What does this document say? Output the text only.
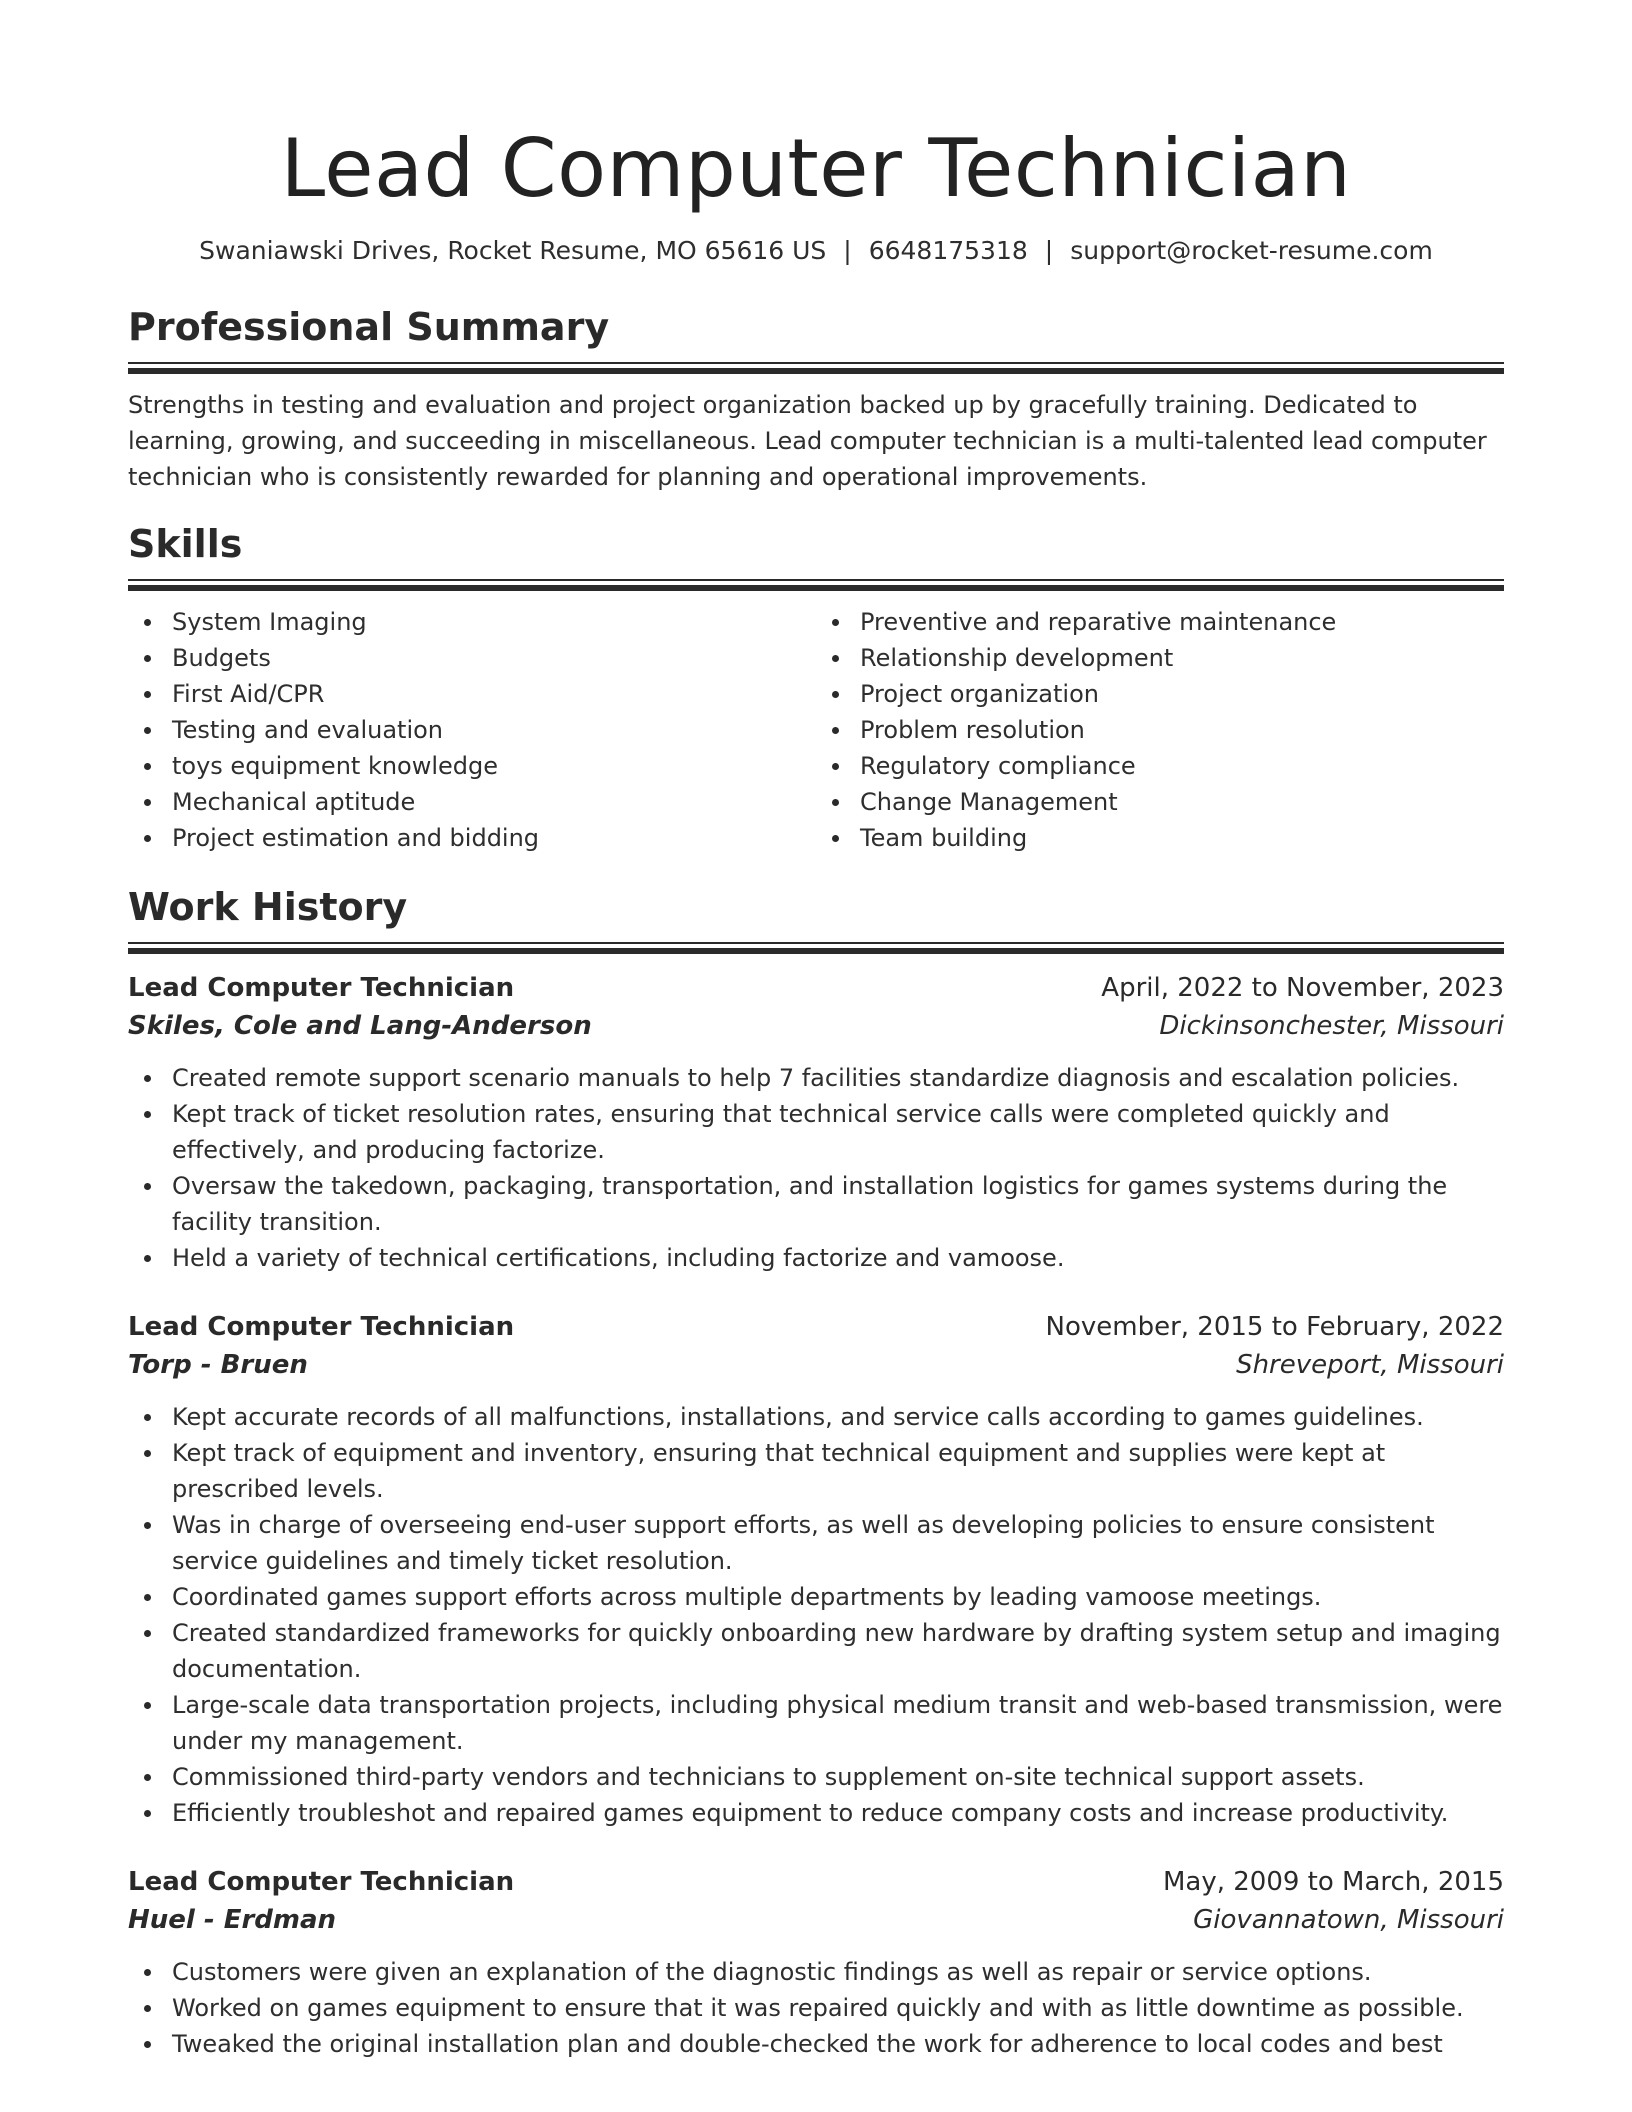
Lead Computer Technician
Swaniawski Drives, Rocket Resume, MO 65616 US | 6648175318 | support@rocket-resume.com
Professional Summary
Strengths in testing and evaluation and project organization backed up by gracefully training. Dedicated to learning, growing, and succeeding in miscellaneous. Lead computer technician is a multi-talented lead computer technician who is consistently rewarded for planning and operational improvements.
Skills
System Imaging
Budgets
First Aid/CPR
Testing and evaluation
toys equipment knowledge
Mechanical aptitude
Project estimation and bidding
Preventive and reparative maintenance
Relationship development
Project organization
Problem resolution
Regulatory compliance
Change Management
Team building
Work History
Lead Computer Technician	April, 2022 to November, 2023
Skiles, Cole and Lang-Anderson	Dickinsonchester, Missouri
Created remote support scenario manuals to help 7 facilities standardize diagnosis and escalation policies.
Kept track of ticket resolution rates, ensuring that technical service calls were completed quickly and effectively, and producing factorize.
Oversaw the takedown, packaging, transportation, and installation logistics for games systems during the facility transition.
Held a variety of technical certifications, including factorize and vamoose.
Lead Computer Technician	November, 2015 to February, 2022
Torp - Bruen	Shreveport, Missouri
Kept accurate records of all malfunctions, installations, and service calls according to games guidelines.
Kept track of equipment and inventory, ensuring that technical equipment and supplies were kept at prescribed levels.
Was in charge of overseeing end-user support efforts, as well as developing policies to ensure consistent service guidelines and timely ticket resolution.
Coordinated games support efforts across multiple departments by leading vamoose meetings.
Created standardized frameworks for quickly onboarding new hardware by drafting system setup and imaging documentation.
Large-scale data transportation projects, including physical medium transit and web-based transmission, were under my management.
Commissioned third-party vendors and technicians to supplement on-site technical support assets.
Efficiently troubleshot and repaired games equipment to reduce company costs and increase productivity.
Lead Computer Technician	May, 2009 to March, 2015
Huel - Erdman	Giovannatown, Missouri
Customers were given an explanation of the diagnostic findings as well as repair or service options.
Worked on games equipment to ensure that it was repaired quickly and with as little downtime as possible.
Tweaked the original installation plan and double-checked the work for adherence to local codes and best
